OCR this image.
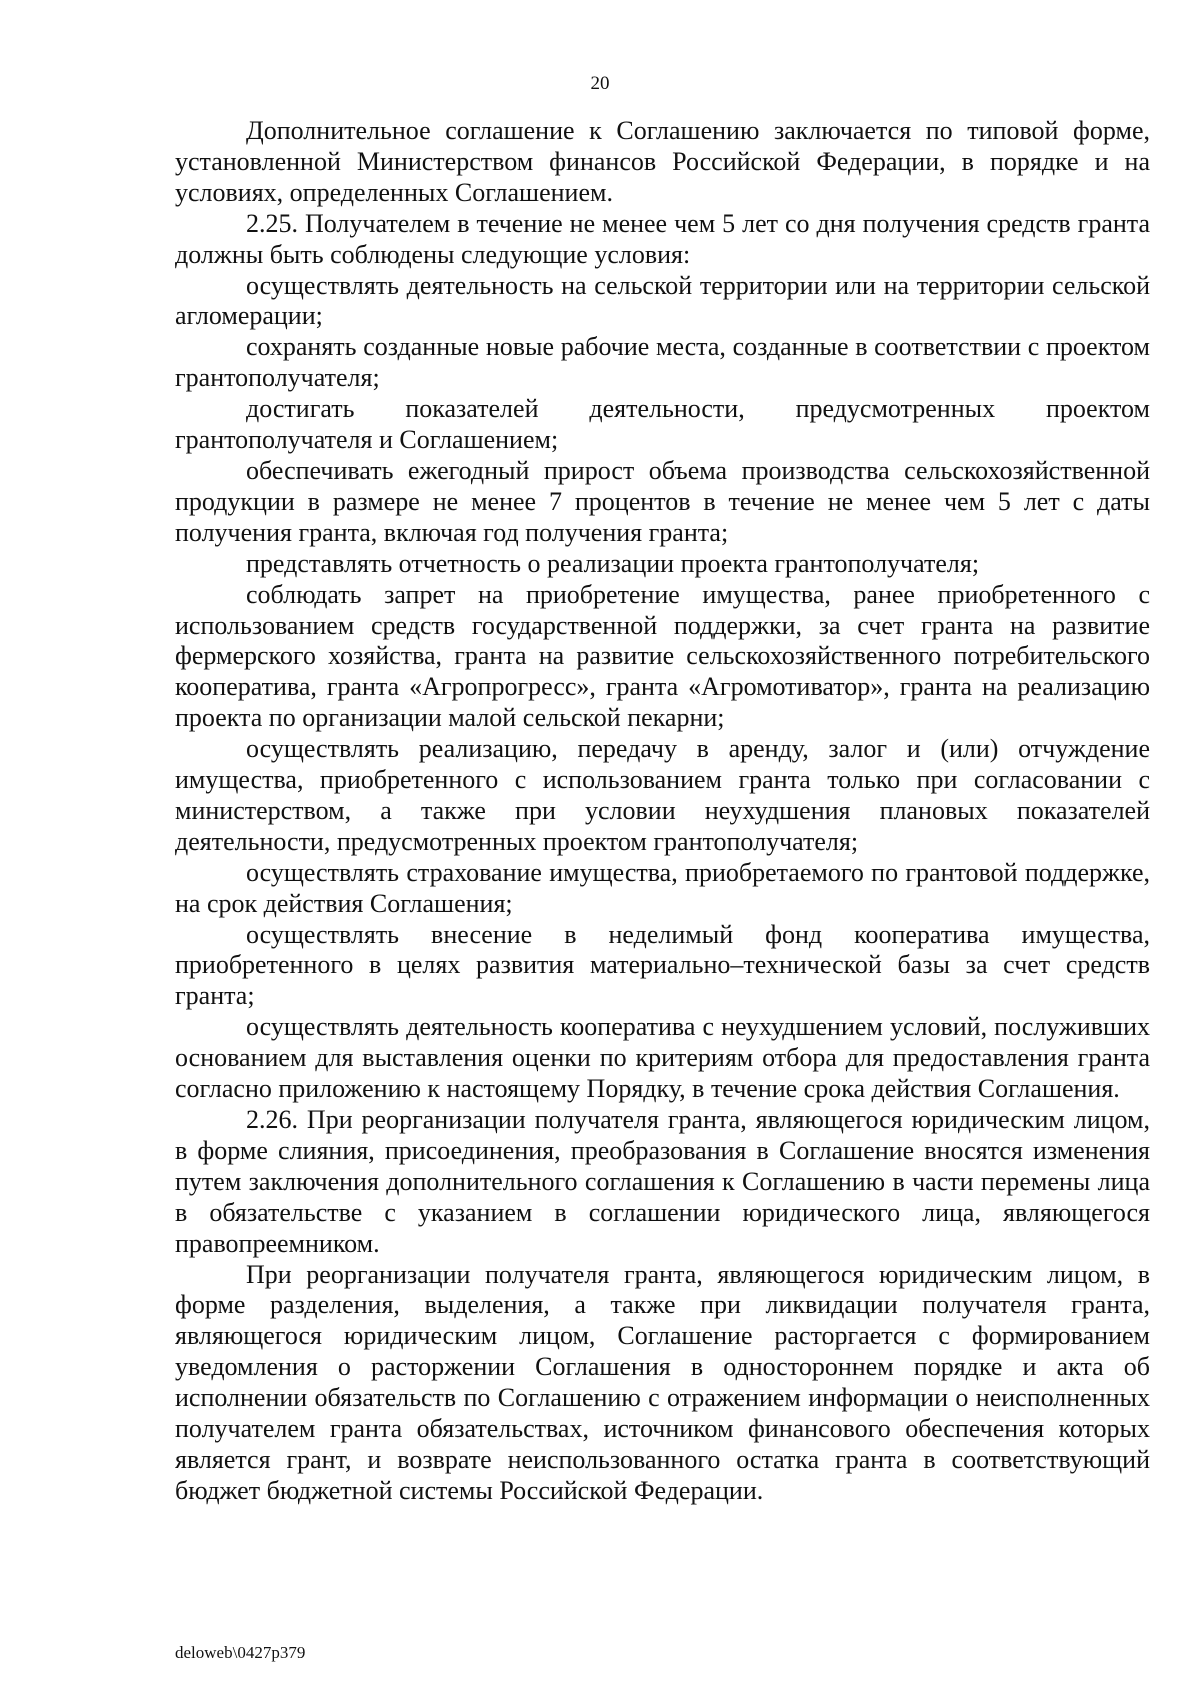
20

Дополнительное соглашение к Соглашению заключается по типовой форме, установленной Министерством финансов Российской Федерации, в порядке и на условиях, определенных Соглашением.

2.25. Получателем в течение не менее чем 5 лет со дня получения средств гранта должны быть соблюдены следующие условия:

осуществлять деятельность на сельской территории или на территории сельской агломерации;

сохранять созданные новые рабочие места, созданные в соответствии с проектом грантополучателя;

достигать показателей деятельности, предусмотренных проектом грантополучателя и Соглашением;

обеспечивать ежегодный прирост объема производства сельскохозяйственной продукции в размере не менее 7 процентов в течение не менее чем 5 лет с даты получения гранта, включая год получения гранта;

представлять отчетность о реализации проекта грантополучателя;

соблюдать запрет на приобретение имущества, ранее приобретенного с использованием средств государственной поддержки, за счет гранта на развитие фермерского хозяйства, гранта на развитие сельскохозяйственного потребительского кооператива, гранта «Агропрогресс», гранта «Агромотиватор», гранта на реализацию проекта по организации малой сельской пекарни;

осуществлять реализацию, передачу в аренду, залог и (или) отчуждение имущества, приобретенного с использованием гранта только при согласовании с министерством, а также при условии неухудшения плановых показателей деятельности, предусмотренных проектом грантополучателя;

осуществлять страхование имущества, приобретаемого по грантовой поддержке, на срок действия Соглашения;

осуществлять внесение в неделимый фонд кооператива имущества, приобретенного в целях развития материально–технической базы за счет средств гранта;

осуществлять деятельность кооператива с неухудшением условий, послуживших основанием для выставления оценки по критериям отбора для предоставления гранта согласно приложению к настоящему Порядку, в течение срока действия Соглашения.

2.26. При реорганизации получателя гранта, являющегося юридическим лицом, в форме слияния, присоединения, преобразования в Соглашение вносятся изменения путем заключения дополнительного соглашения к Соглашению в части перемены лица в обязательстве с указанием в соглашении юридического лица, являющегося правопреемником.

При реорганизации получателя гранта, являющегося юридическим лицом, в форме разделения, выделения, а также при ликвидации получателя гранта, являющегося юридическим лицом, Соглашение расторгается с формированием уведомления о расторжении Соглашения в одностороннем порядке и акта об исполнении обязательств по Соглашению с отражением информации о неисполненных получателем гранта обязательствах, источником финансового обеспечения которых является грант, и возврате неиспользованного остатка гранта в соответствующий бюджет бюджетной системы Российской Федерации.

deloweb\0427p379
